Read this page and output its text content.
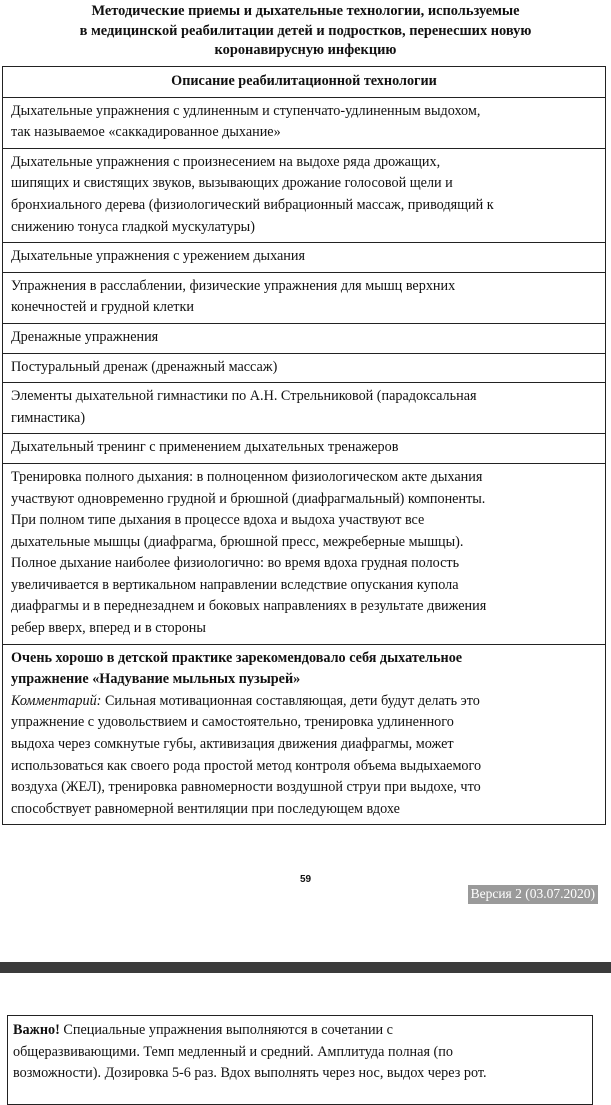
Методические приемы и дыхательные технологии, используемые
в медицинской реабилитации детей и подростков, перенесших новую
коронавирусную инфекцию
Описание реабилитационной технологии

Дыхательные упражнения с удлиненным и ступенчато-удлиненным выдохом,
так называемое «саккадированное дыхание»

Дыхательные упражнения с произнесением на выдохе ряда дрожащих,
шипящих и свистящих звуков, вызывающих дрожание голосовой щели и
бронхиального дерева (физиологический вибрационный массаж, приводящий к
снижению тонуса гладкой мускулатуры)

Дыхательные упражнения с урежением дыхания

Упражнения в расслаблении, физические упражнения для мышц верхних
конечностей и грудной клетки

Дренажные упражнения

Постуральный дренаж (дренажный массаж)

Элементы дыхательной гимнастики по А.Н. Стрельниковой (парадоксальная
гимнастика)

Дыхательный тренинг с применением дыхательных тренажеров

Тренировка полного дыхания: в полноценном физиологическом акте дыхания
участвуют одновременно грудной и брюшной (диафрагмальный) компоненты.
При полном типе дыхания в процессе вдоха и выдоха участвуют все
дыхательные мышцы (диафрагма, брюшной пресс, межреберные мышцы).
Полное дыхание наиболее физиологично: во время вдоха грудная полость
увеличивается в вертикальном направлении вследствие опускания купола
диафрагмы и в переднезаднем и боковых направлениях в результате движения
ребер вверх, вперед и в стороны

Очень хорошо в детской практике зарекомендовало себя дыхательное
упражнение «Надувание мыльных пузырей»
Комментарий: Сильная мотивационная составляющая, дети будут делать это
упражнение с удовольствием и самостоятельно, тренировка удлиненного
выдоха через сомкнутые губы, активизация движения диафрагмы, может
использоваться как своего рода простой метод контроля объема выдыхаемого
воздуха (ЖЕЛ), тренировка равномерности воздушной струи при выдохе, что
способствует равномерной вентиляции при последующем вдохе
59
Версия 2 (03.07.2020)
Важно! Специальные упражнения выполняются в сочетании с
общеразвивающими. Темп медленный и средний. Амплитуда полная (по
возможности). Дозировка 5-6 раз. Вдох выполнять через нос, выдох через рот.
